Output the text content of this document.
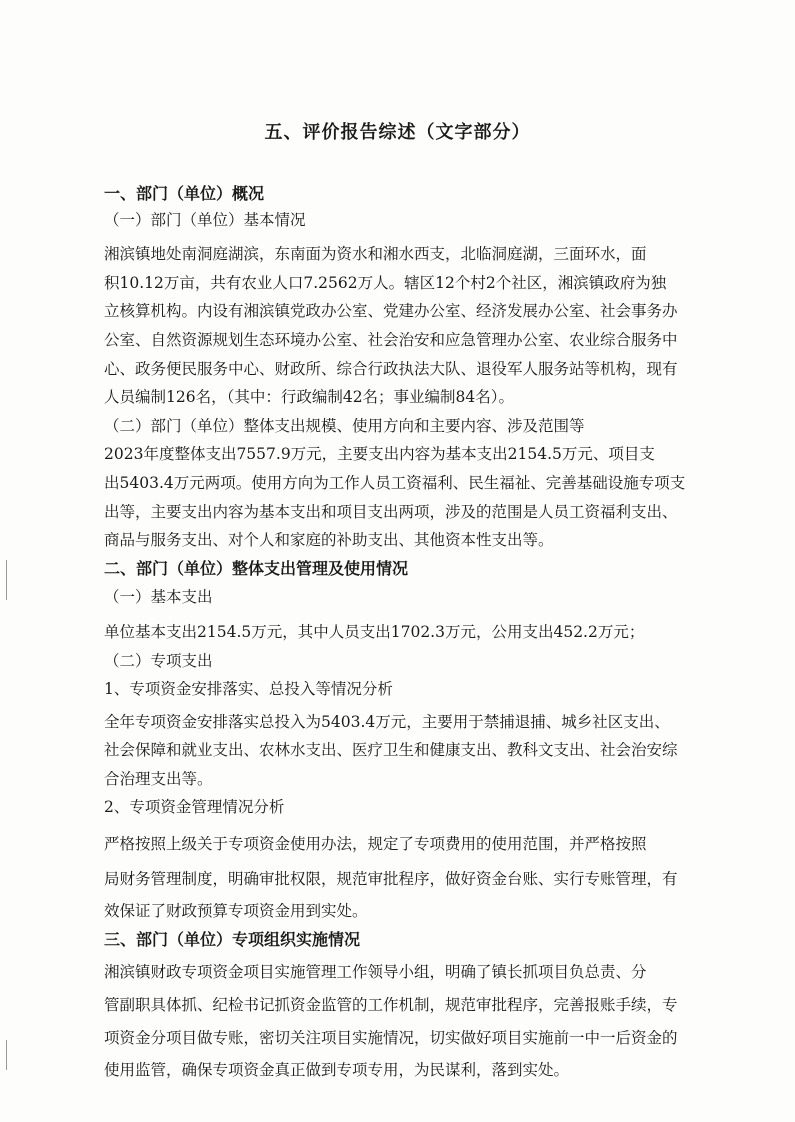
五、评价报告综述（文字部分）
一、部门（单位）概况
（一）部门（单位）基本情况
湘滨镇地处南洞庭湖滨，东南面为资水和湘水西支，北临洞庭湖，三面环水，面
积10.12万亩，共有农业人口7.2562万人。辖区12个村2个社区，湘滨镇政府为独
立核算机构。内设有湘滨镇党政办公室、党建办公室、经济发展办公室、社会事务办
公室、自然资源规划生态环境办公室、社会治安和应急管理办公室、农业综合服务中
心、政务便民服务中心、财政所、综合行政执法大队、退役军人服务站等机构，现有
人员编制126名，（其中：行政编制42名；事业编制84名）。
（二）部门（单位）整体支出规模、使用方向和主要内容、涉及范围等
2023年度整体支出7557.9万元，主要支出内容为基本支出2154.5万元、项目支
出5403.4万元两项。使用方向为工作人员工资福利、民生福祉、完善基础设施专项支
出等，主要支出内容为基本支出和项目支出两项，涉及的范围是人员工资福利支出、
商品与服务支出、对个人和家庭的补助支出、其他资本性支出等。
二、部门（单位）整体支出管理及使用情况
（一）基本支出
单位基本支出2154.5万元，其中人员支出1702.3万元，公用支出452.2万元；
（二）专项支出
1、专项资金安排落实、总投入等情况分析
全年专项资金安排落实总投入为5403.4万元，主要用于禁捕退捕、城乡社区支出、
社会保障和就业支出、农林水支出、医疗卫生和健康支出、教科文支出、社会治安综
合治理支出等。
2、专项资金管理情况分析
严格按照上级关于专项资金使用办法，规定了专项费用的使用范围，并严格按照
局财务管理制度，明确审批权限，规范审批程序，做好资金台账、实行专账管理，有
效保证了财政预算专项资金用到实处。
三、部门（单位）专项组织实施情况
湘滨镇财政专项资金项目实施管理工作领导小组，明确了镇长抓项目负总责、分
管副职具体抓、纪检书记抓资金监管的工作机制，规范审批程序，完善报账手续，专
项资金分项目做专账，密切关注项目实施情况，切实做好项目实施前一中一后资金的
使用监管，确保专项资金真正做到专项专用，为民谋利，落到实处。
